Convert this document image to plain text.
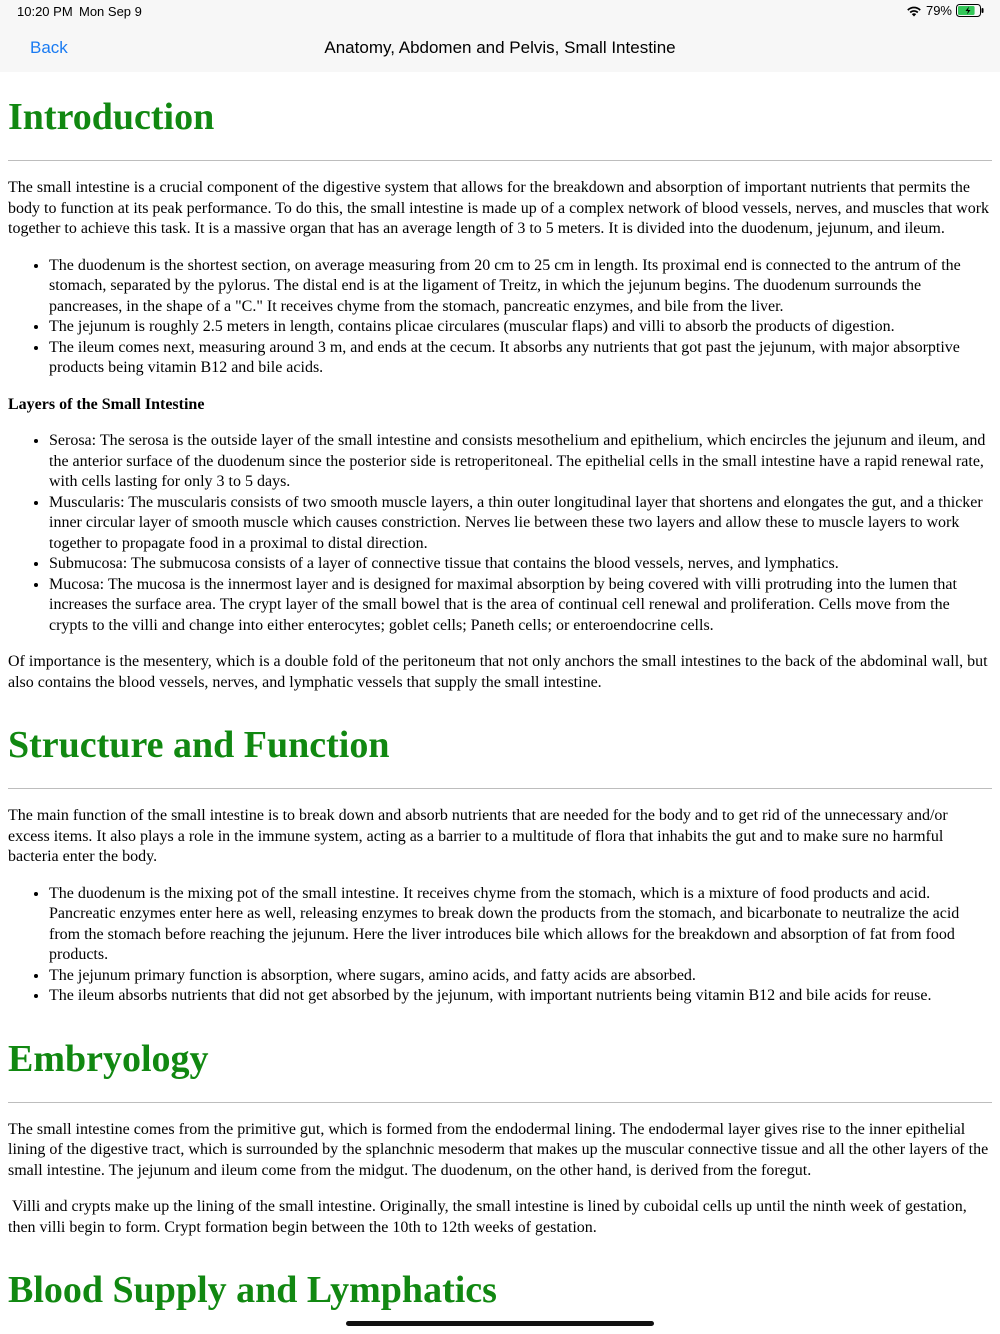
10:20 PM Mon Sep 9	79%
Back	Anatomy, Abdomen and Pelvis, Small Intestine
Introduction

The small intestine is a crucial component of the digestive system that allows for the breakdown and absorption of important nutrients that permits the body to function at its peak performance. To do this, the small intestine is made up of a complex network of blood vessels, nerves, and muscles that work together to achieve this task. It is a massive organ that has an average length of 3 to 5 meters. It is divided into the duodenum, jejunum, and ileum.

• The duodenum is the shortest section, on average measuring from 20 cm to 25 cm in length. Its proximal end is connected to the antrum of the stomach, separated by the pylorus. The distal end is at the ligament of Treitz, in which the jejunum begins. The duodenum surrounds the pancreases, in the shape of a "C." It receives chyme from the stomach, pancreatic enzymes, and bile from the liver.
• The jejunum is roughly 2.5 meters in length, contains plicae circulares (muscular flaps) and villi to absorb the products of digestion.
• The ileum comes next, measuring around 3 m, and ends at the cecum. It absorbs any nutrients that got past the jejunum, with major absorptive products being vitamin B12 and bile acids.

Layers of the Small Intestine

• Serosa: The serosa is the outside layer of the small intestine and consists mesothelium and epithelium, which encircles the jejunum and ileum, and the anterior surface of the duodenum since the posterior side is retroperitoneal. The epithelial cells in the small intestine have a rapid renewal rate, with cells lasting for only 3 to 5 days.
• Muscularis: The muscularis consists of two smooth muscle layers, a thin outer longitudinal layer that shortens and elongates the gut, and a thicker inner circular layer of smooth muscle which causes constriction. Nerves lie between these two layers and allow these to muscle layers to work together to propagate food in a proximal to distal direction.
• Submucosa: The submucosa consists of a layer of connective tissue that contains the blood vessels, nerves, and lymphatics.
• Mucosa: The mucosa is the innermost layer and is designed for maximal absorption by being covered with villi protruding into the lumen that increases the surface area. The crypt layer of the small bowel that is the area of continual cell renewal and proliferation. Cells move from the crypts to the villi and change into either enterocytes; goblet cells; Paneth cells; or enteroendocrine cells.

Of importance is the mesentery, which is a double fold of the peritoneum that not only anchors the small intestines to the back of the abdominal wall, but also contains the blood vessels, nerves, and lymphatic vessels that supply the small intestine.

Structure and Function

The main function of the small intestine is to break down and absorb nutrients that are needed for the body and to get rid of the unnecessary and/or excess items. It also plays a role in the immune system, acting as a barrier to a multitude of flora that inhabits the gut and to make sure no harmful bacteria enter the body.

• The duodenum is the mixing pot of the small intestine. It receives chyme from the stomach, which is a mixture of food products and acid. Pancreatic enzymes enter here as well, releasing enzymes to break down the products from the stomach, and bicarbonate to neutralize the acid from the stomach before reaching the jejunum. Here the liver introduces bile which allows for the breakdown and absorption of fat from food products.
• The jejunum primary function is absorption, where sugars, amino acids, and fatty acids are absorbed.
• The ileum absorbs nutrients that did not get absorbed by the jejunum, with important nutrients being vitamin B12 and bile acids for reuse.
Embryology

The small intestine comes from the primitive gut, which is formed from the endodermal lining. The endodermal layer gives rise to the inner epithelial lining of the digestive tract, which is surrounded by the splanchnic mesoderm that makes up the muscular connective tissue and all the other layers of the small intestine. The jejunum and ileum come from the midgut. The duodenum, on the other hand, is derived from the foregut.

Villi and crypts make up the lining of the small intestine. Originally, the small intestine is lined by cuboidal cells up until the ninth week of gestation, then villi begin to form. Crypt formation begin between the 10th to 12th weeks of gestation.

Blood Supply and Lymphatics
